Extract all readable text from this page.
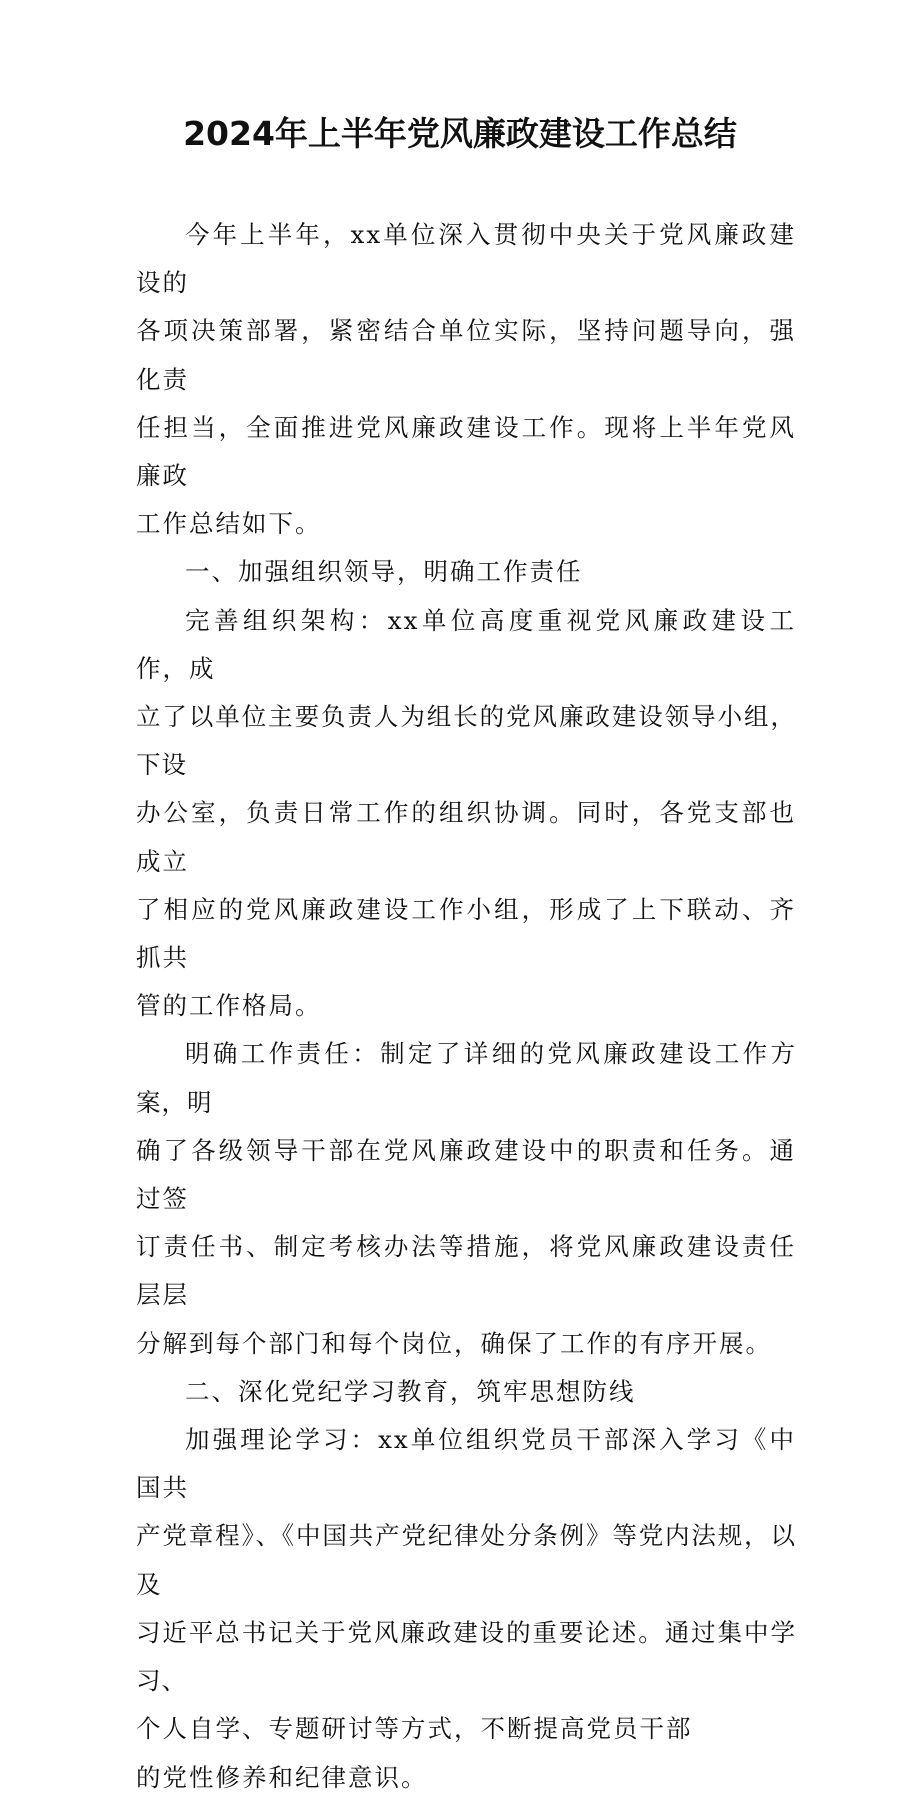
2024年上半年党风廉政建设工作总结

今年上半年，xx单位深入贯彻中央关于党风廉政建设的
各项决策部署，紧密结合单位实际，坚持问题导向，强化责
任担当，全面推进党风廉政建设工作。现将上半年党风廉政
工作总结如下。

一、加强组织领导，明确工作责任

完善组织架构：xx单位高度重视党风廉政建设工作，成
立了以单位主要负责人为组长的党风廉政建设领导小组，下设
办公室，负责日常工作的组织协调。同时，各党支部也成立
了相应的党风廉政建设工作小组，形成了上下联动、齐抓共
管的工作格局。

明确工作责任：制定了详细的党风廉政建设工作方案，明
确了各级领导干部在党风廉政建设中的职责和任务。通过签
订责任书、制定考核办法等措施，将党风廉政建设责任层层
分解到每个部门和每个岗位，确保了工作的有序开展。

二、深化党纪学习教育，筑牢思想防线

加强理论学习：xx单位组织党员干部深入学习《中国共
产党章程》、《中国共产党纪律处分条例》等党内法规，以及
习近平总书记关于党风廉政建设的重要论述。通过集中学习、
个人自学、专题研讨等方式，不断提高党员干部
的党性修养和纪律意识。
